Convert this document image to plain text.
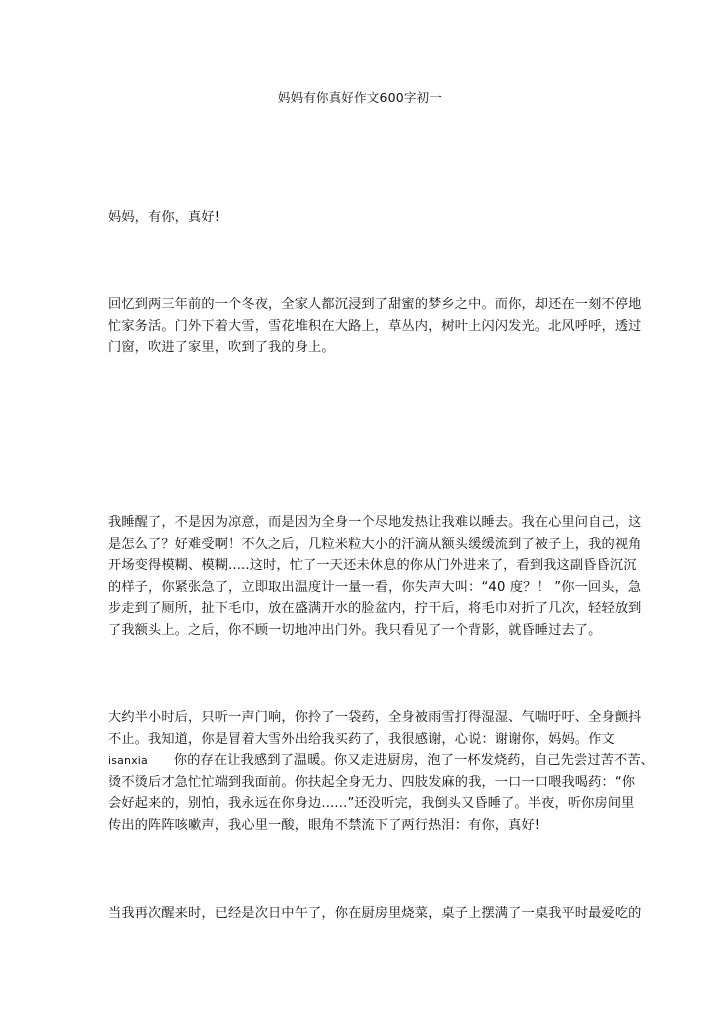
妈妈有你真好作文600字初一

妈妈，有你，真好!

回忆到两三年前的一个冬夜，全家人都沉浸到了甜蜜的梦乡之中。而你，却还在一刻不停地
忙家务活。门外下着大雪，雪花堆积在大路上，草丛内，树叶上闪闪发光。北风呼呼，透过
门窗，吹进了家里，吹到了我的身上。

我睡醒了，不是因为凉意，而是因为全身一个尽地发热让我难以睡去。我在心里问自己，这
是怎么了？好难受啊！不久之后，几粒米粒大小的汗滴从额头缓缓流到了被子上，我的视角
开场变得模糊、模糊.....这时，忙了一天还未休息的你从门外进来了，看到我这副昏昏沉沉
的样子，你紧张急了，立即取出温度计一量一看，你失声大叫：“40 度？！ ”你一回头，急
步走到了厕所，扯下毛巾，放在盛满开水的脸盆内，拧干后，将毛巾对折了几次，轻轻放到
了我额头上。之后，你不顾一切地冲出门外。我只看见了一个背影，就昏睡过去了。

大约半小时后，只听一声门响，你拎了一袋药，全身被雨雪打得湿湿、气喘吁吁、全身颤抖
不止。我知道，你是冒着大雪外出给我买药了，我很感谢，心说：谢谢你，妈妈。作文
isanxia 你的存在让我感到了温暖。你又走进厨房，泡了一杯发烧药，自己先尝过苦不苦、
烫不烫后才急忙忙端到我面前。你扶起全身无力、四肢发麻的我，一口一口喂我喝药：“你
会好起来的，别怕，我永远在你身边......”还没听完，我倒头又昏睡了。半夜，听你房间里
传出的阵阵咳嗽声，我心里一酸，眼角不禁流下了两行热泪：有你，真好!

当我再次醒来时，已经是次日中午了，你在厨房里烧菜，桌子上摆满了一桌我平时最爱吃的
